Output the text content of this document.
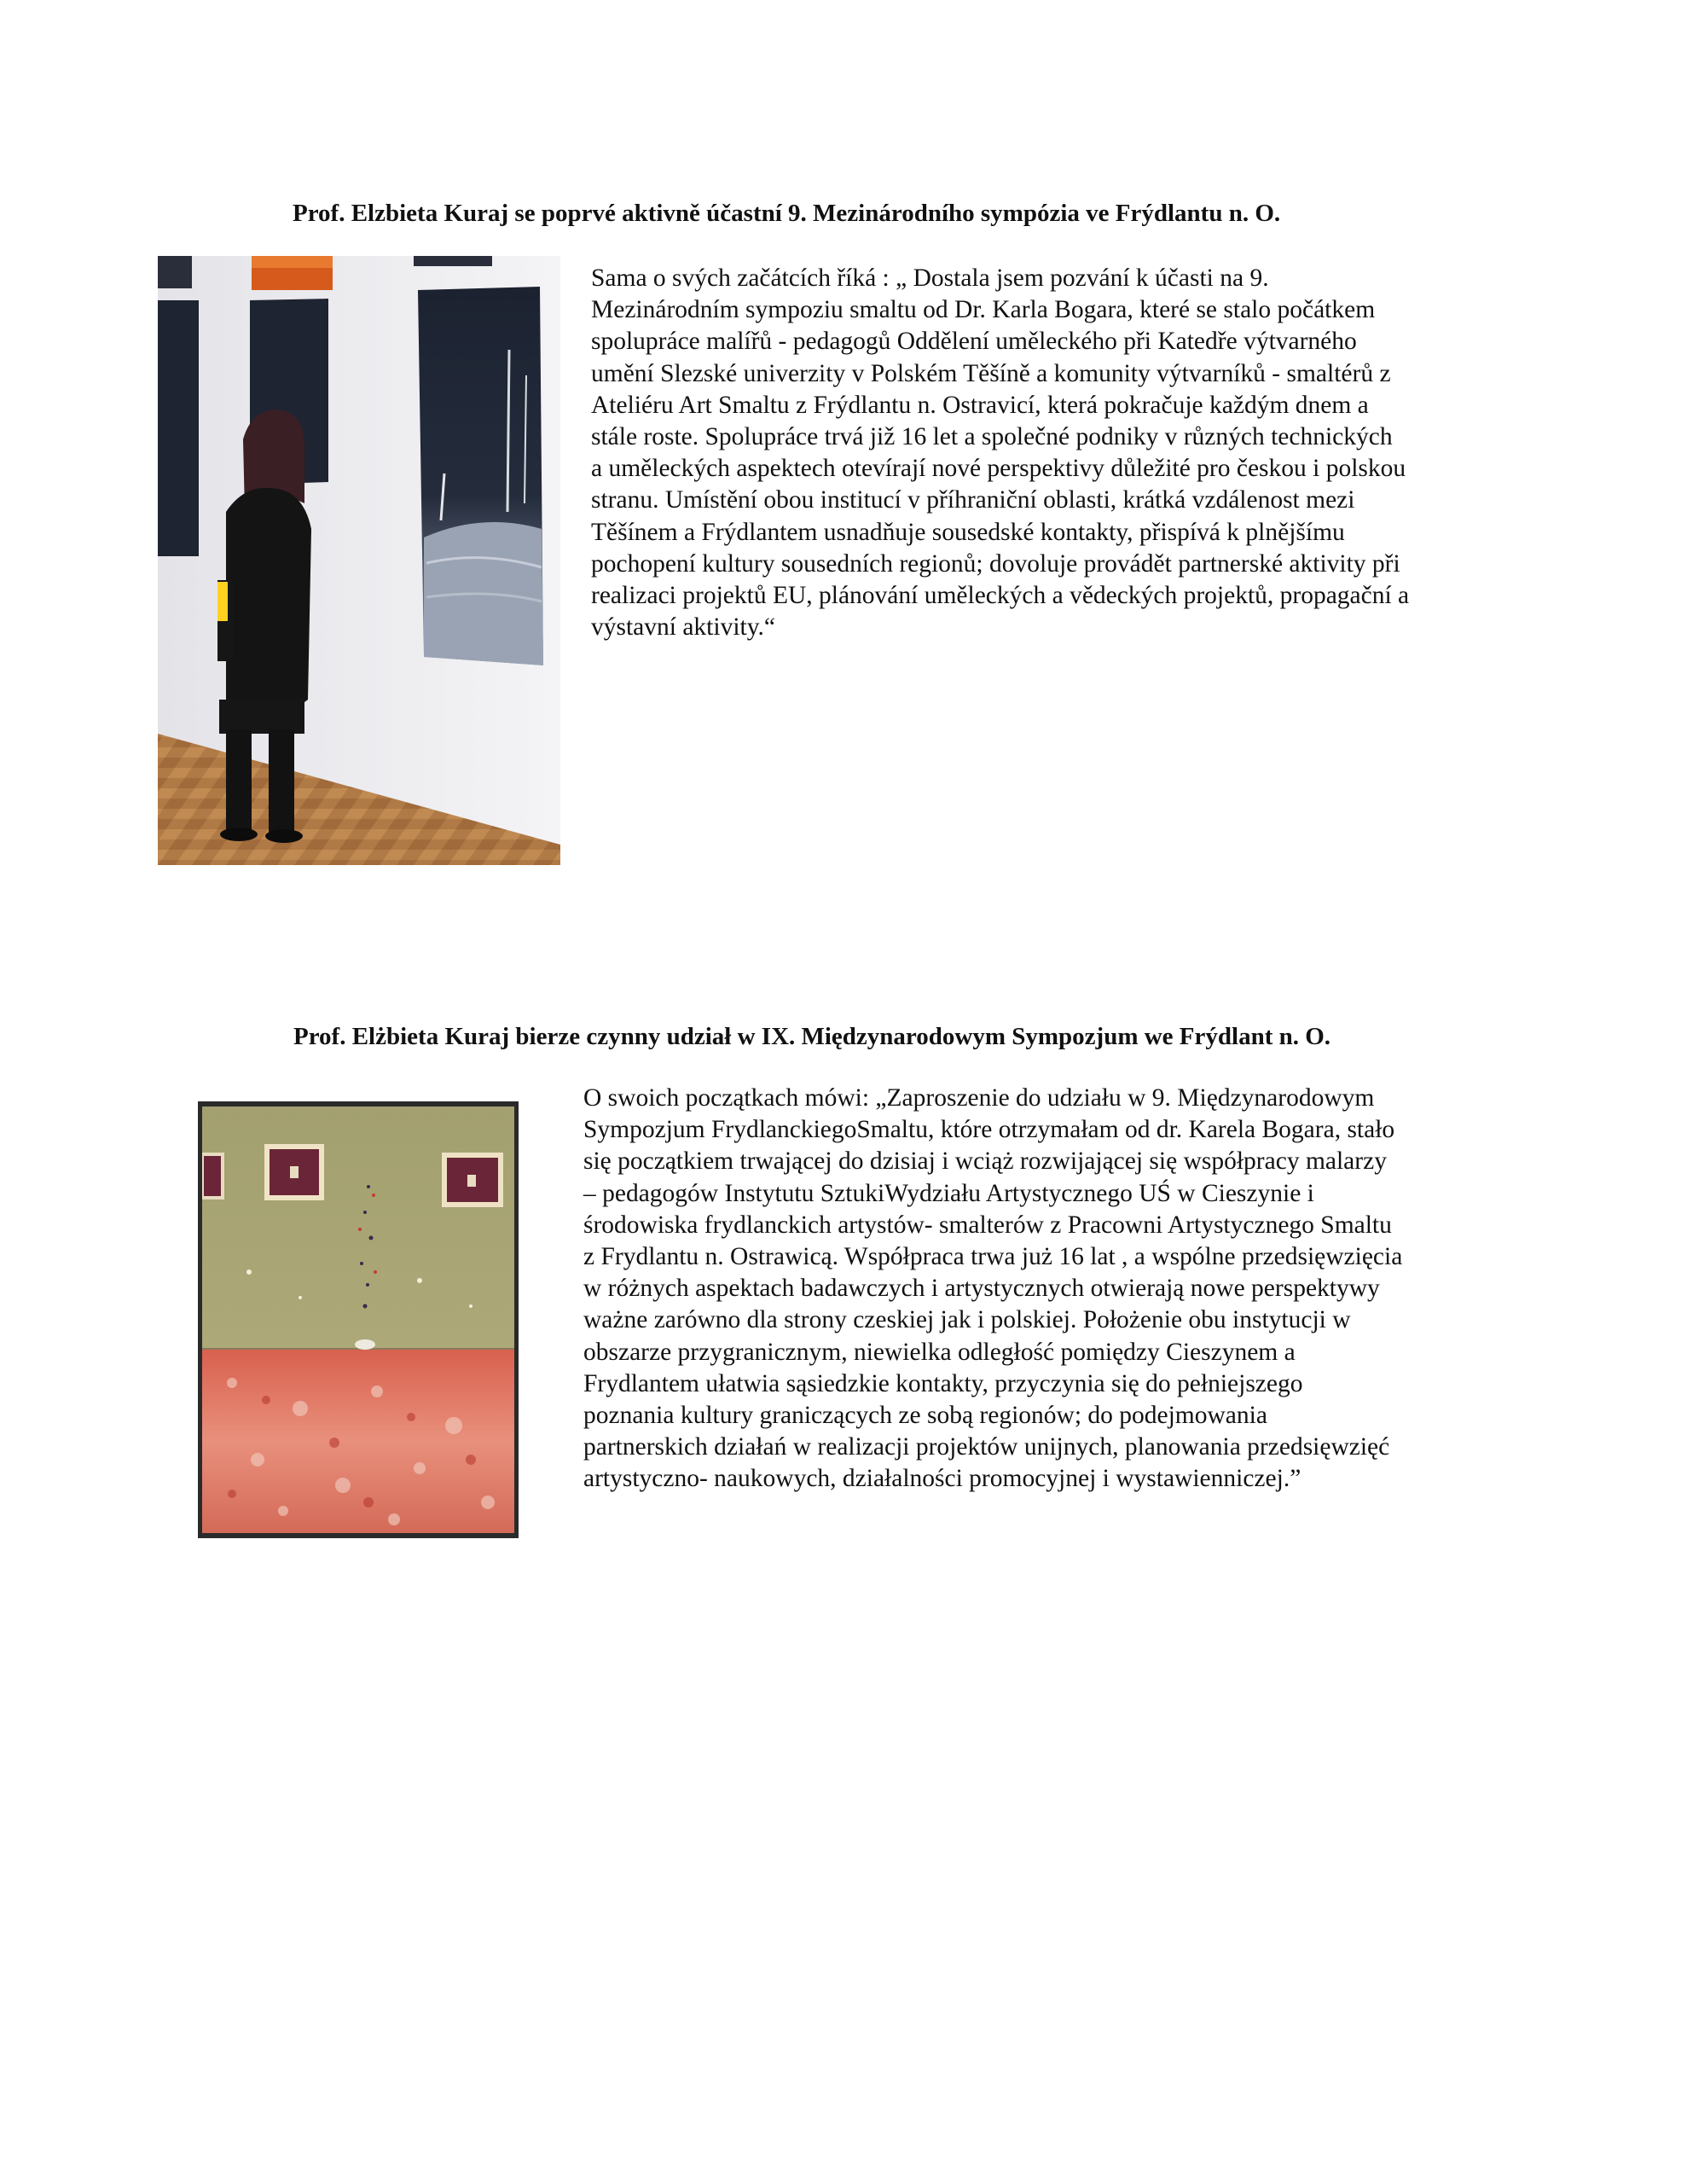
Prof. Elzbieta Kuraj se poprvé aktivně účastní 9. Mezinárodního sympózia ve Frýdlantu n. O.

Sama o svých začátcích říká : „ Dostala jsem pozvání k účasti na 9.
Mezinárodním sympoziu smaltu od Dr. Karla Bogara, které se stalo počátkem
spolupráce malířů - pedagogů Oddělení uměleckého při Katedře výtvarného
umění Slezské univerzity v Polském Těšíně a komunity výtvarníků - smaltérů z
Ateliéru Art Smaltu z Frýdlantu n. Ostravicí, která pokračuje každým dnem a
stále roste. Spolupráce trvá již 16 let a společné podniky v různých technických
a uměleckých aspektech otevírají nové perspektivy důležité pro českou i polskou
stranu. Umístění obou institucí v příhraniční oblasti, krátká vzdálenost mezi
Těšínem a Frýdlantem usnadňuje sousedské kontakty, přispívá k plnějšímu
pochopení kultury sousedních regionů; dovoluje provádět partnerské aktivity při
realizaci projektů EU, plánování uměleckých a vědeckých projektů, propagační a
výstavní aktivity.“

Prof. Elżbieta Kuraj bierze czynny udział w IX. Międzynarodowym Sympozjum we Frýdlant n. O.

O swoich początkach mówi: „Zaproszenie do udziału w 9. Międzynarodowym
Sympozjum FrydlanckiegoSmaltu, które otrzymałam od dr. Karela Bogara, stało
się początkiem trwającej do dzisiaj i wciąż rozwijającej się współpracy malarzy
– pedagogów Instytutu SztukiWydziału Artystycznego UŚ w Cieszynie i
środowiska frydlanckich artystów- smalterów z Pracowni Artystycznego Smaltu
z Frydlantu n. Ostrawicą. Współpraca trwa już 16 lat , a wspólne przedsięwzięcia
w różnych aspektach badawczych i artystycznych otwierają nowe perspektywy
ważne zarówno dla strony czeskiej jak i polskiej. Położenie obu instytucji w
obszarze przygranicznym, niewielka odległość pomiędzy Cieszynem a
Frydlantem ułatwia sąsiedzkie kontakty, przyczynia się do pełniejszego
poznania kultury graniczących ze sobą regionów; do podejmowania
partnerskich działań w realizacji projektów unijnych, planowania przedsięwzięć
artystyczno- naukowych, działalności promocyjnej i wystawienniczej.”
